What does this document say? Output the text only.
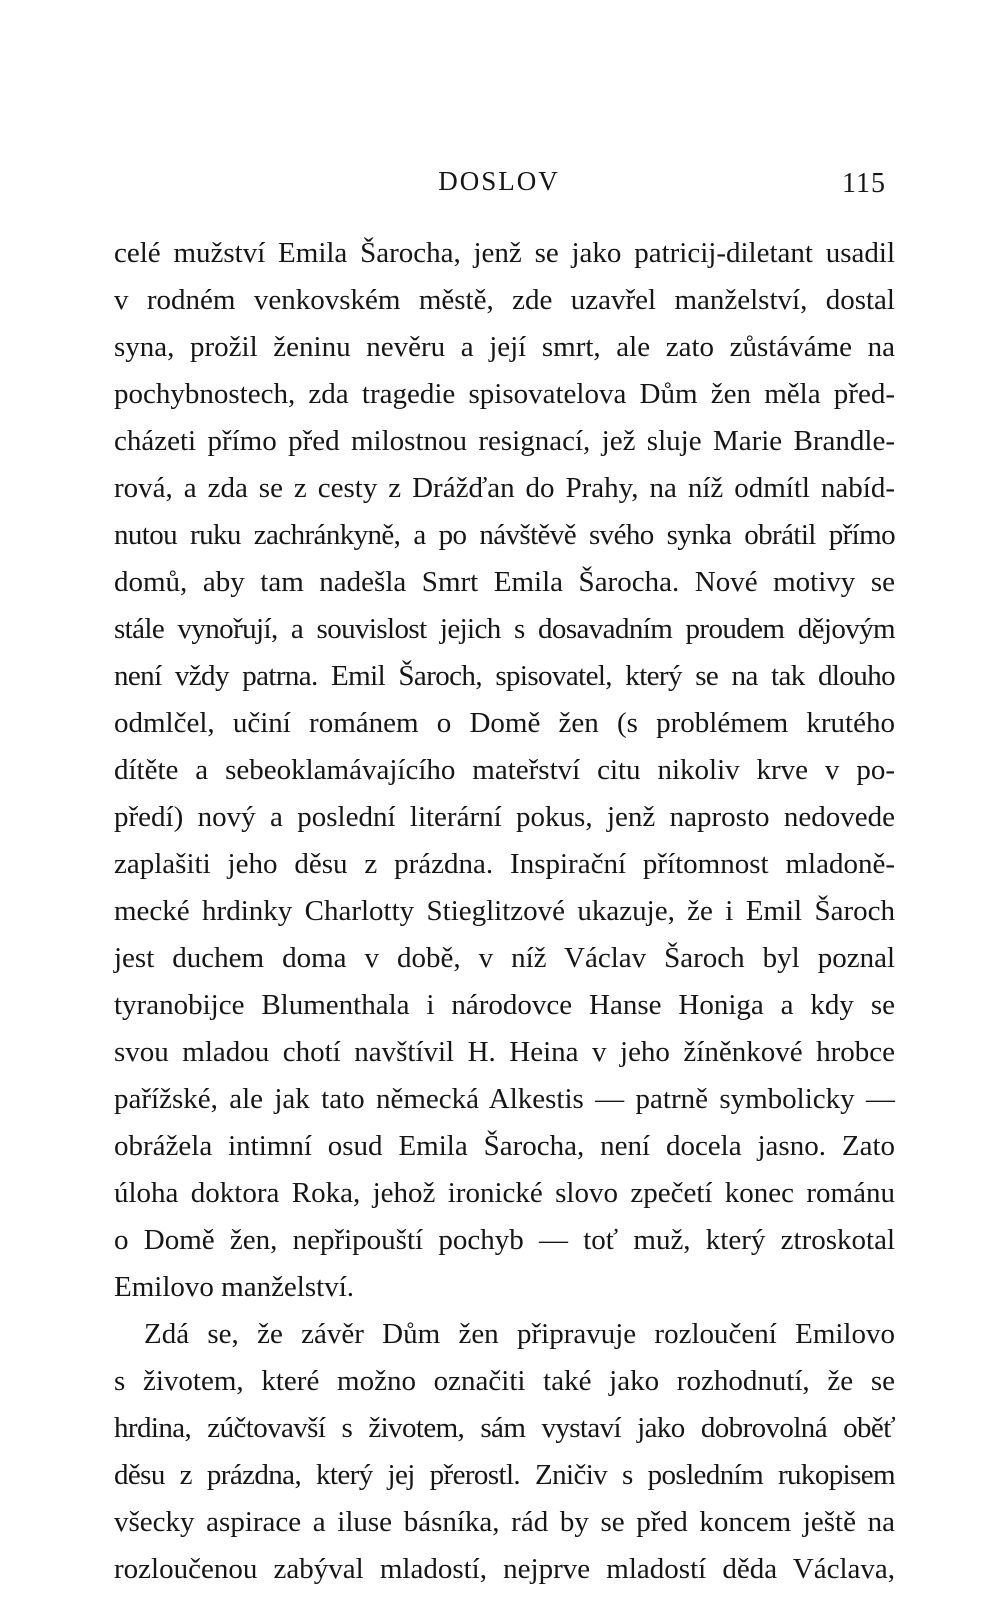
DOSLOV	115
celé mužství Emila Šarocha, jenž se jako patricij-diletant usadil
v rodném venkovském městě, zde uzavřel manželství, dostal
syna, prožil ženinu nevěru a její smrt, ale zato zůstáváme na
pochybnostech, zda tragedie spisovatelova Dům žen měla před-
cházeti přímo před milostnou resignací, jež sluje Marie Brandle-
rová, a zda se z cesty z Drážďan do Prahy, na níž odmítl nabíd-
nutou ruku zachránkyně, a po návštěvě svého synka obrátil přímo
domů, aby tam nadešla Smrt Emila Šarocha. Nové motivy se
stále vynořují, a souvislost jejich s dosavadním proudem dějovým
není vždy patrna. Emil Šaroch, spisovatel, který se na tak dlouho
odmlčel, učiní románem o Domě žen (s problémem krutého
dítěte a sebeoklamávajícího mateřství citu nikoliv krve v po-
předí) nový a poslední literární pokus, jenž naprosto nedovede
zaplašiti jeho děsu z prázdna. Inspirační přítomnost mladoně-
mecké hrdinky Charlotty Stieglitzové ukazuje, že i Emil Šaroch
jest duchem doma v době, v níž Václav Šaroch byl poznal
tyranobijce Blumenthala i národovce Hanse Honiga a kdy se
svou mladou chotí navštívil H. Heina v jeho žíněnkové hrobce
pařížské, ale jak tato německá Alkestis — patrně symbolicky —
obrážela intimní osud Emila Šarocha, není docela jasno. Zato
úloha doktora Roka, jehož ironické slovo zpečetí konec románu
o Domě žen, nepřipouští pochyb — toť muž, který ztroskotal
Emilovo manželství.
Zdá se, že závěr Dům žen připravuje rozloučení Emilovo
s životem, které možno označiti také jako rozhodnutí, že se
hrdina, zúčtovavší s životem, sám vystaví jako dobrovolná oběť
děsu z prázdna, který jej přerostl. Zničiv s posledním rukopisem
všecky aspirace a iluse básníka, rád by se před koncem ještě na
rozloučenou zabýval mladostí, nejprve mladostí děda Václava,
